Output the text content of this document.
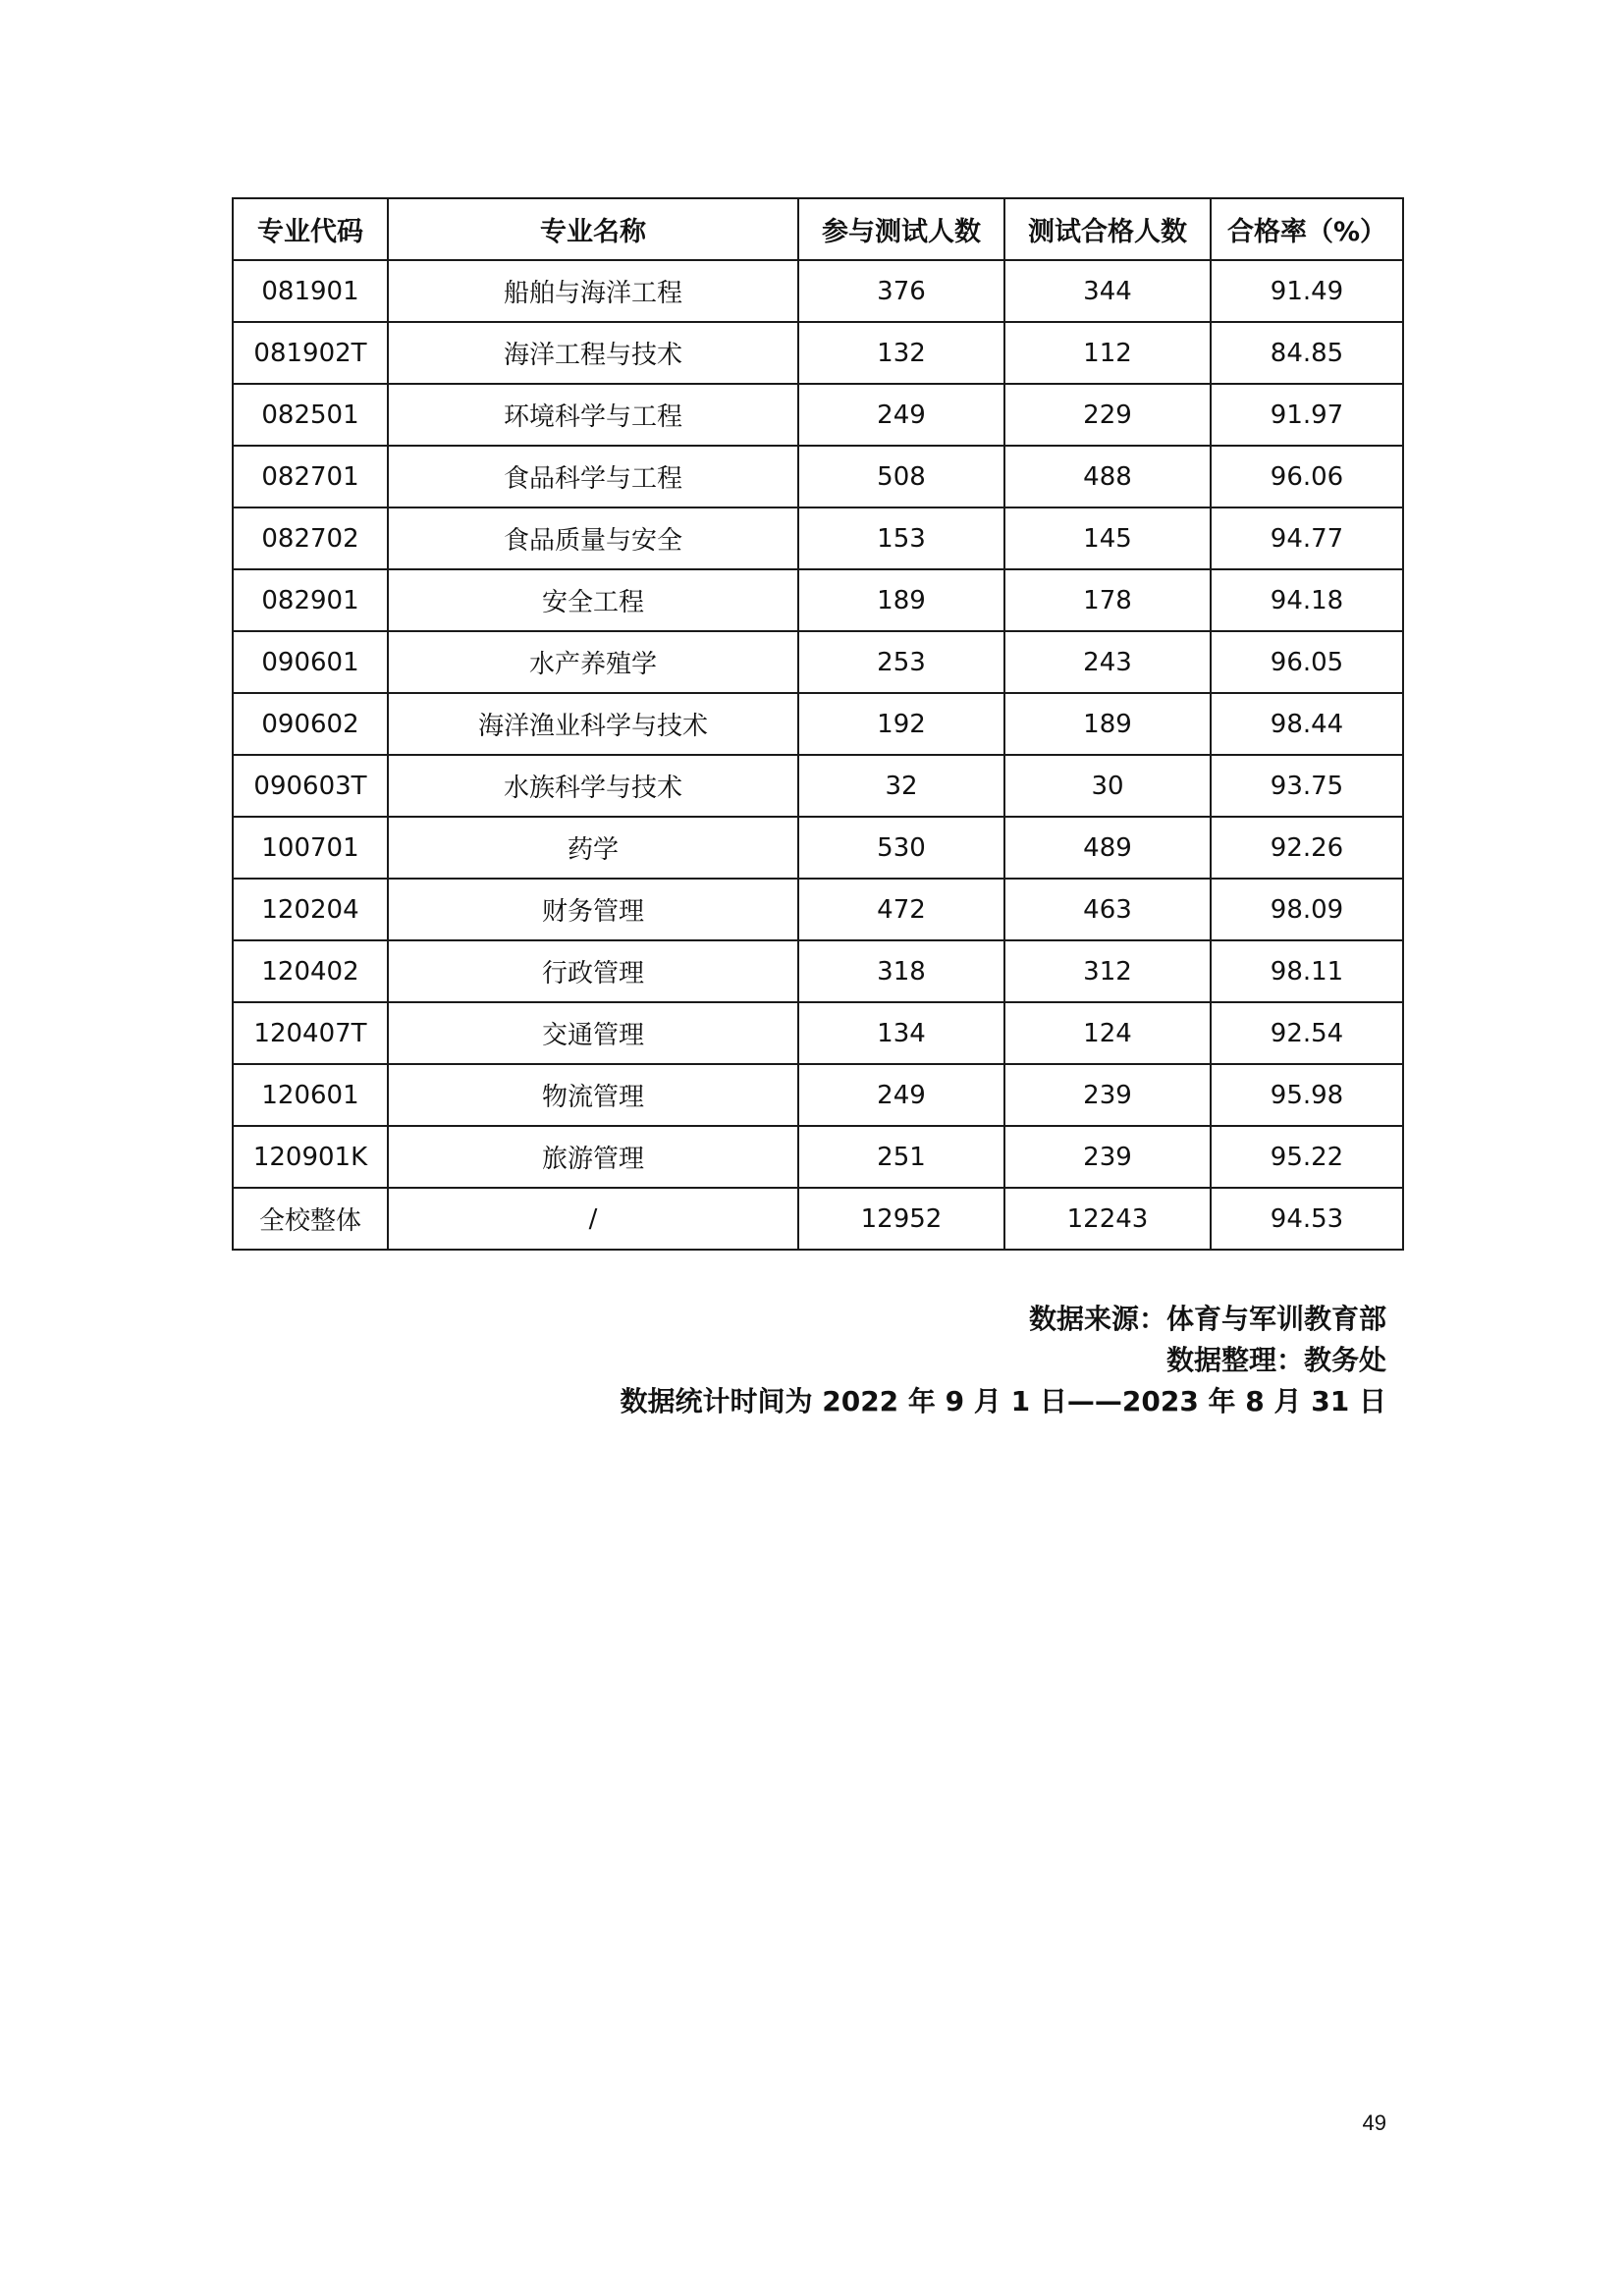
专业代码	专业名称	参与测试人数	测试合格人数	合格率（%）
081901	船舶与海洋工程	376	344	91.49
081902T	海洋工程与技术	132	112	84.85
082501	环境科学与工程	249	229	91.97
082701	食品科学与工程	508	488	96.06
082702	食品质量与安全	153	145	94.77
082901	安全工程	189	178	94.18
090601	水产养殖学	253	243	96.05
090602	海洋渔业科学与技术	192	189	98.44
090603T	水族科学与技术	32	30	93.75
100701	药学	530	489	92.26
120204	财务管理	472	463	98.09
120402	行政管理	318	312	98.11
120407T	交通管理	134	124	92.54
120601	物流管理	249	239	95.98
120901K	旅游管理	251	239	95.22
全校整体	/	12952	12243	94.53
数据来源：体育与军训教育部
数据整理：教务处
数据统计时间为 2022 年 9 月 1 日——2023 年 8 月 31 日
49
